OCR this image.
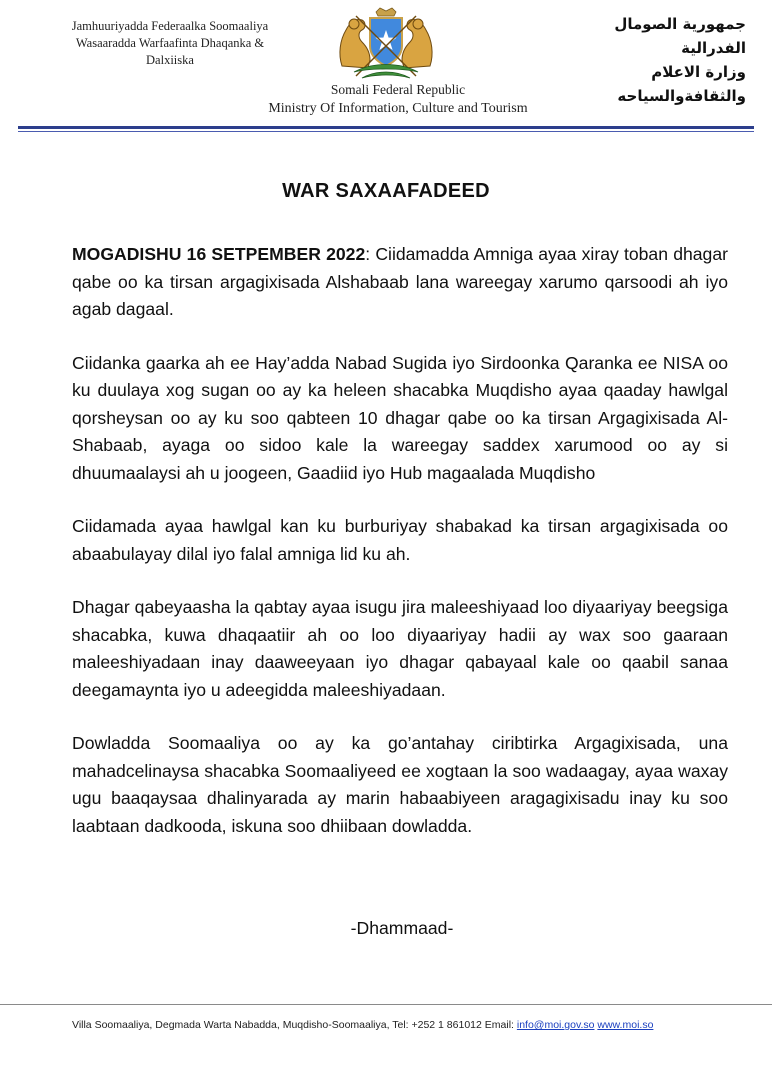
Jamhuuriyadda Federaalka Soomaaliya
Wasaaradda Warfaafinta Dhaqanka &
Dalxiiska
جمهورية الصومال الفدرالية
وزارة الاعلام
والثقافةوالسياحه
Somali Federal Republic
Ministry Of Information, Culture and Tourism
WAR SAXAAFADEED

MOGADISHU 16 SETPEMBER 2022: Ciidamadda Amniga ayaa xiray toban dhagar qabe oo ka tirsan argagixisada Alshabaab lana wareegay xarumo qarsoodi ah iyo agab dagaal.

Ciidanka gaarka ah ee Hay’adda Nabad Sugida iyo Sirdoonka Qaranka ee NISA oo ku duulaya xog sugan oo ay ka heleen shacabka Muqdisho ayaa qaaday hawlgal qorsheysan oo ay ku soo qabteen 10 dhagar qabe oo ka tirsan Argagixisada Al-Shabaab, ayaga oo sidoo kale la wareegay saddex xarumood oo ay si dhuumaalaysi ah u joogeen, Gaadiid iyo Hub magaalada Muqdisho

Ciidamada ayaa hawlgal kan ku burburiyay shabakad ka tirsan argagixisada oo abaabulayay dilal iyo falal amniga lid ku ah.

Dhagar qabeyaasha la qabtay ayaa isugu jira maleeshiyaad loo diyaariyay beegsiga shacabka, kuwa dhaqaatiir ah oo loo diyaariyay hadii ay wax soo gaaraan maleeshiyadaan inay daaweeyaan iyo dhagar qabayaal kale oo qaabil sanaa deegamaynta iyo u adeegidda maleeshiyadaan.

Dowladda Soomaaliya oo ay ka go’antahay ciribtirka Argagixisada, una mahadcelinaysa shacabka Soomaaliyeed ee xogtaan la soo wadaagay, ayaa waxay ugu baaqaysaa dhalinyarada ay marin habaabiyeen aragagixisadu inay ku soo laabtaan dadkooda, iskuna soo dhiibaan dowladda.

-Dhammaad-
Villa Soomaaliya, Degmada Warta Nabadda, Muqdisho-Soomaaliya, Tel: +252 1 861012 Email: info@moi.gov.so www.moi.so
